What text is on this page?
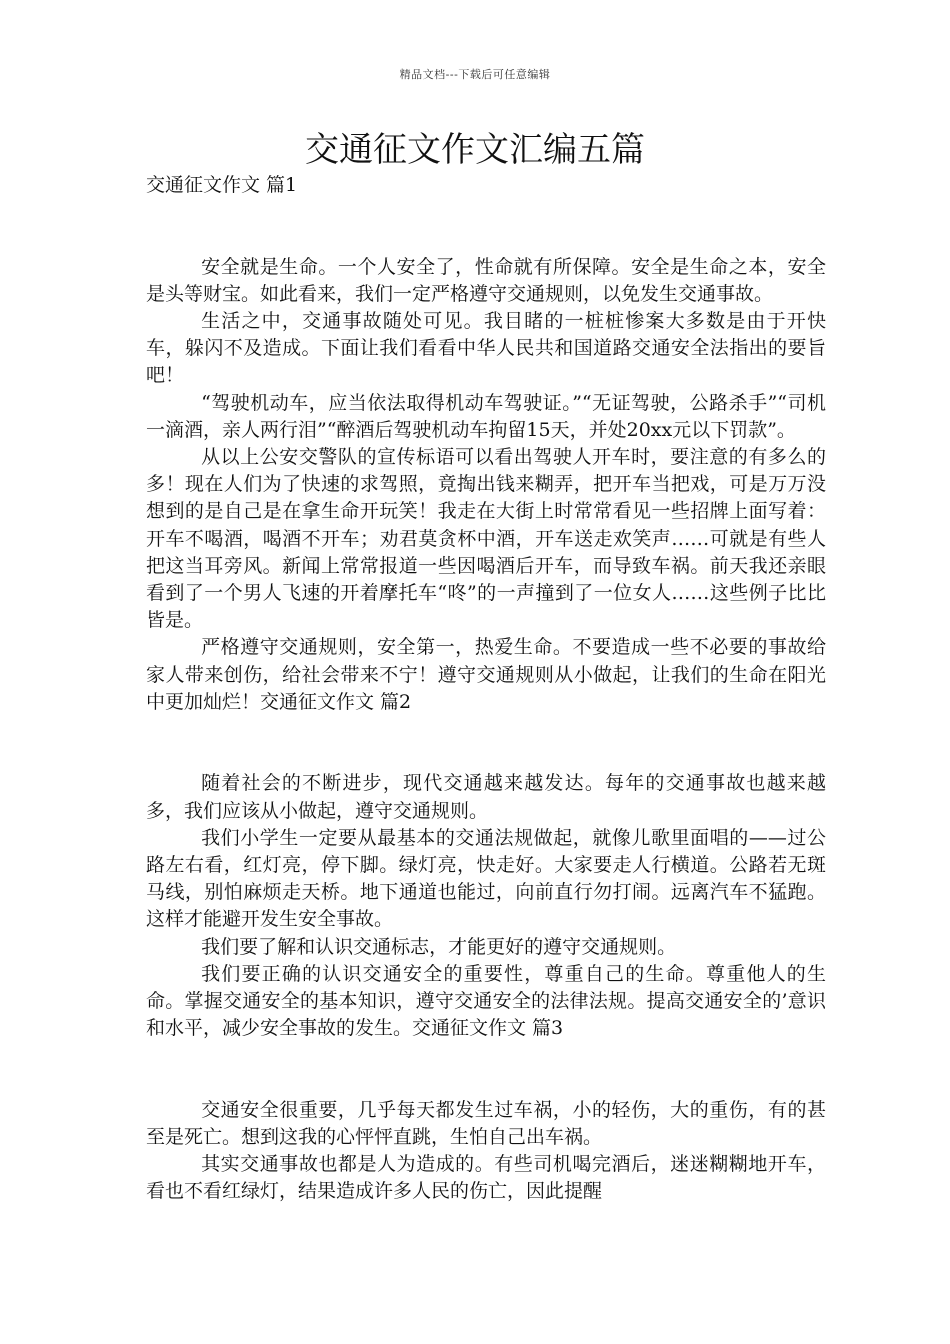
精品文档---下载后可任意编辑
交通征文作文汇编五篇

交通征文作文 篇1

安全就是生命。一个人安全了，性命就有所保障。安全是生命之本，安全是头等财宝。如此看来，我们一定严格遵守交通规则，以免发生交通事故。

生活之中，交通事故随处可见。我目睹的一桩桩惨案大多数是由于开快车，躲闪不及造成。下面让我们看看中华人民共和国道路交通安全法指出的要旨吧！

“驾驶机动车，应当依法取得机动车驾驶证。”“无证驾驶，公路杀手”“司机一滴酒，亲人两行泪”“醉酒后驾驶机动车拘留15天，并处20xx元以下罚款”。

从以上公安交警队的宣传标语可以看出驾驶人开车时，要注意的有多么的多！现在人们为了快速的求驾照，竟掏出钱来糊弄，把开车当把戏，可是万万没想到的是自己是在拿生命开玩笑！我走在大街上时常常看见一些招牌上面写着：开车不喝酒，喝酒不开车；劝君莫贪杯中酒，开车送走欢笑声……可就是有些人把这当耳旁风。新闻上常常报道一些因喝酒后开车，而导致车祸。前天我还亲眼看到了一个男人飞速的开着摩托车“咚”的一声撞到了一位女人……这些例子比比皆是。

严格遵守交通规则，安全第一，热爱生命。不要造成一些不必要的事故给家人带来创伤，给社会带来不宁！遵守交通规则从小做起，让我们的生命在阳光中更加灿烂！交通征文作文 篇2

随着社会的不断进步，现代交通越来越发达。每年的交通事故也越来越多，我们应该从小做起，遵守交通规则。

我们小学生一定要从最基本的交通法规做起，就像儿歌里面唱的——过公路左右看，红灯亮，停下脚。绿灯亮，快走好。大家要走人行横道。公路若无斑马线，别怕麻烦走天桥。地下通道也能过，向前直行勿打闹。远离汽车不猛跑。这样才能避开发生安全事故。

我们要了解和认识交通标志，才能更好的遵守交通规则。

我们要正确的认识交通安全的重要性，尊重自己的生命。尊重他人的生命。掌握交通安全的基本知识，遵守交通安全的法律法规。提高交通安全的’意识和水平，减少安全事故的发生。交通征文作文 篇3

交通安全很重要，几乎每天都发生过车祸，小的轻伤，大的重伤，有的甚至是死亡。想到这我的心怦怦直跳，生怕自己出车祸。

其实交通事故也都是人为造成的。有些司机喝完酒后，迷迷糊糊地开车，看也不看红绿灯，结果造成许多人民的伤亡，因此提醒
